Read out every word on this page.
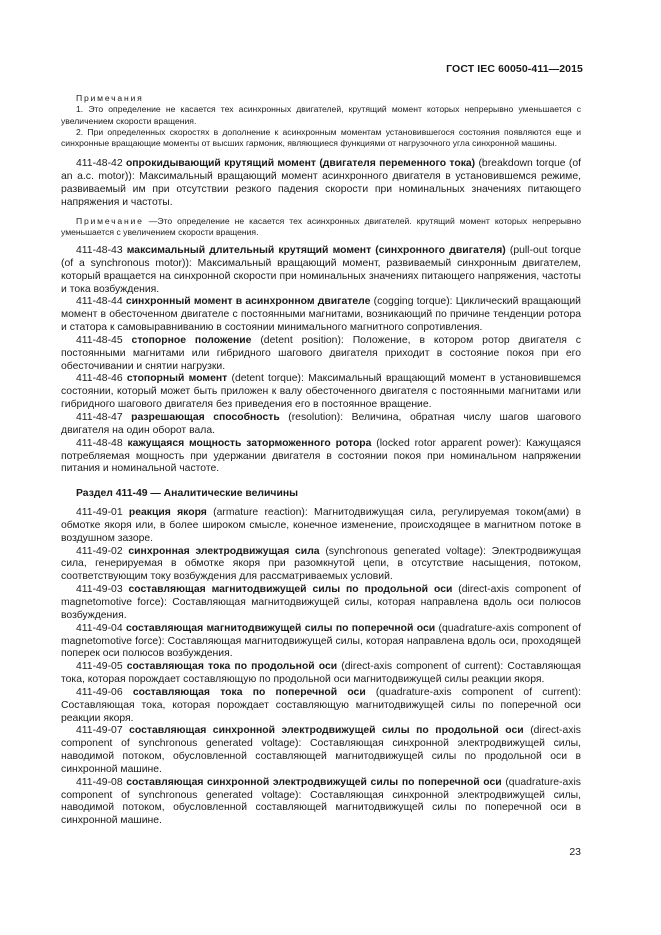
ГОСТ IEC 60050-411—2015

Примечания

1. Это определение не касается тех асинхронных двигателей, крутящий момент которых непрерывно уменьшается с увеличением скорости вращения.

2. При определенных скоростях в дополнение к асинхронным моментам установившегося состояния появляются еще и синхронные вращающие моменты от высших гармоник, являющиеся функциями от нагрузочного угла синхронной машины.

411-48-42 опрокидывающий крутящий момент (двигателя переменного тока) (breakdown torque (of an a.c. motor)): Максимальный вращающий момент асинхронного двигателя в установившемся режиме, развиваемый им при отсутствии резкого падения скорости при номинальных значениях питающего напряжения и частоты.

Примечание —Это определение не касается тех асинхронных двигателей. крутящий момент которых непрерывно уменьшается с увеличением скорости вращения.

411-48-43 максимальный длительный крутящий момент (синхронного двигателя) (pull-out torque (of a synchronous motor)): Максимальный вращающий момент, развиваемый синхронным двигателем, который вращается на синхронной скорости при номинальных значениях питающего напряжения, частоты и тока возбуждения.

411-48-44 синхронный момент в асинхронном двигателе (cogging torque): Циклический вращающий момент в обесточенном двигателе с постоянными магнитами, возникающий по причине тенденции ротора и статора к самовыравниванию в состоянии минимального магнитного сопротивления.

411-48-45 стопорное положение (detent position): Положение, в котором ротор двигателя с постоянными магнитами или гибридного шагового двигателя приходит в состояние покоя при его обесточивании и снятии нагрузки.

411-48-46 стопорный момент (detent torque): Максимальный вращающий момент в установившемся состоянии, который может быть приложен к валу обесточенного двигателя с постоянными магнитами или гибридного шагового двигателя без приведения его в постоянное вращение.

411-48-47 разрешающая способность (resolution): Величина, обратная числу шагов шагового двигателя на один оборот вала.

411-48-48 кажущаяся мощность заторможенного ротора (locked rotor apparent power): Кажущаяся потребляемая мощность при удержании двигателя в состоянии покоя при номинальном напряжении питания и номинальной частоте.

Раздел 411-49 — Аналитические величины

411-49-01 реакция якоря (armature reaction): Магнитодвижущая сила, регулируемая током(ами) в обмотке якоря или, в более широком смысле, конечное изменение, происходящее в магнитном потоке в воздушном зазоре.

411-49-02 синхронная электродвижущая сила (synchronous generated voltage): Электродвижущая сила, генерируемая в обмотке якоря при разомкнутой цепи, в отсутствие насыщения, потоком, соответствующим току возбуждения для рассматриваемых условий.

411-49-03 составляющая магнитодвижущей силы по продольной оси (direct-axis component of magnetomotive force): Составляющая магнитодвижущей силы, которая направлена вдоль оси полюсов возбуждения.

411-49-04 составляющая магнитодвижущей силы по поперечной оси (quadrature-axis component of magnetomotive force): Составляющая магнитодвижущей силы, которая направлена вдоль оси, проходящей поперек оси полюсов возбуждения.

411-49-05 составляющая тока по продольной оси (direct-axis component of current): Составляющая тока, которая порождает составляющую по продольной оси магнитодвижущей силы реакции якоря.

411-49-06 составляющая тока по поперечной оси (quadrature-axis component of current): Составляющая тока, которая порождает составляющую магнитодвижущей силы по поперечной оси реакции якоря.

411-49-07 составляющая синхронной электродвижущей силы по продольной оси (direct-axis component of synchronous generated voltage): Составляющая синхронной электродвижущей силы, наводимой потоком, обусловленной составляющей магнитодвижущей силы по продольной оси в синхронной машине.

411-49-08 составляющая синхронной электродвижущей силы по поперечной оси (quadrature-axis component of synchronous generated voltage): Составляющая синхронной электродвижущей силы, наводимой потоком, обусловленной составляющей магнитодвижущей силы по поперечной оси в синхронной машине.

23
